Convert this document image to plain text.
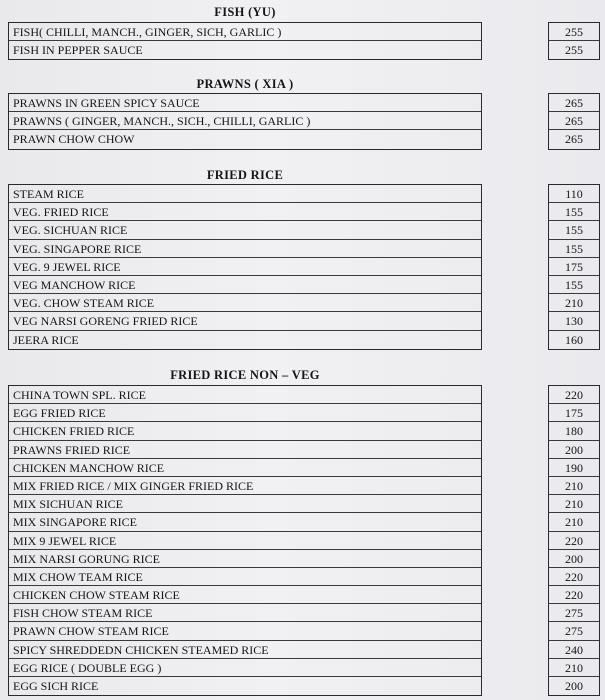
FISH (YU)
FISH( CHILLI, MANCH., GINGER, SICH, GARLIC )
FISH IN PEPPER SAUCE
255
255
PRAWNS ( XIA )
PRAWNS IN GREEN SPICY SAUCE
PRAWNS ( GINGER, MANCH., SICH., CHILLI, GARLIC )
PRAWN CHOW CHOW
265
265
265
FRIED RICE
STEAM RICE
VEG. FRIED RICE
VEG. SICHUAN RICE
VEG. SINGAPORE RICE
VEG. 9 JEWEL RICE
VEG MANCHOW RICE
VEG. CHOW STEAM RICE
VEG NARSI GORENG FRIED RICE
JEERA RICE
110
155
155
155
175
155
210
130
160
FRIED RICE NON – VEG
CHINA TOWN SPL. RICE
EGG FRIED RICE
CHICKEN FRIED RICE
PRAWNS FRIED RICE
CHICKEN MANCHOW RICE
MIX FRIED RICE / MIX GINGER FRIED RICE
MIX SICHUAN RICE
MIX SINGAPORE RICE
MIX 9 JEWEL RICE
MIX NARSI GORUNG RICE
MIX CHOW TEAM RICE
CHICKEN CHOW STEAM RICE
FISH CHOW STEAM RICE
PRAWN CHOW STEAM RICE
SPICY SHREDDEDN CHICKEN STEAMED RICE
EGG RICE ( DOUBLE EGG )
EGG SICH RICE
220
175
180
200
190
210
210
210
220
200
220
220
275
275
240
210
200
